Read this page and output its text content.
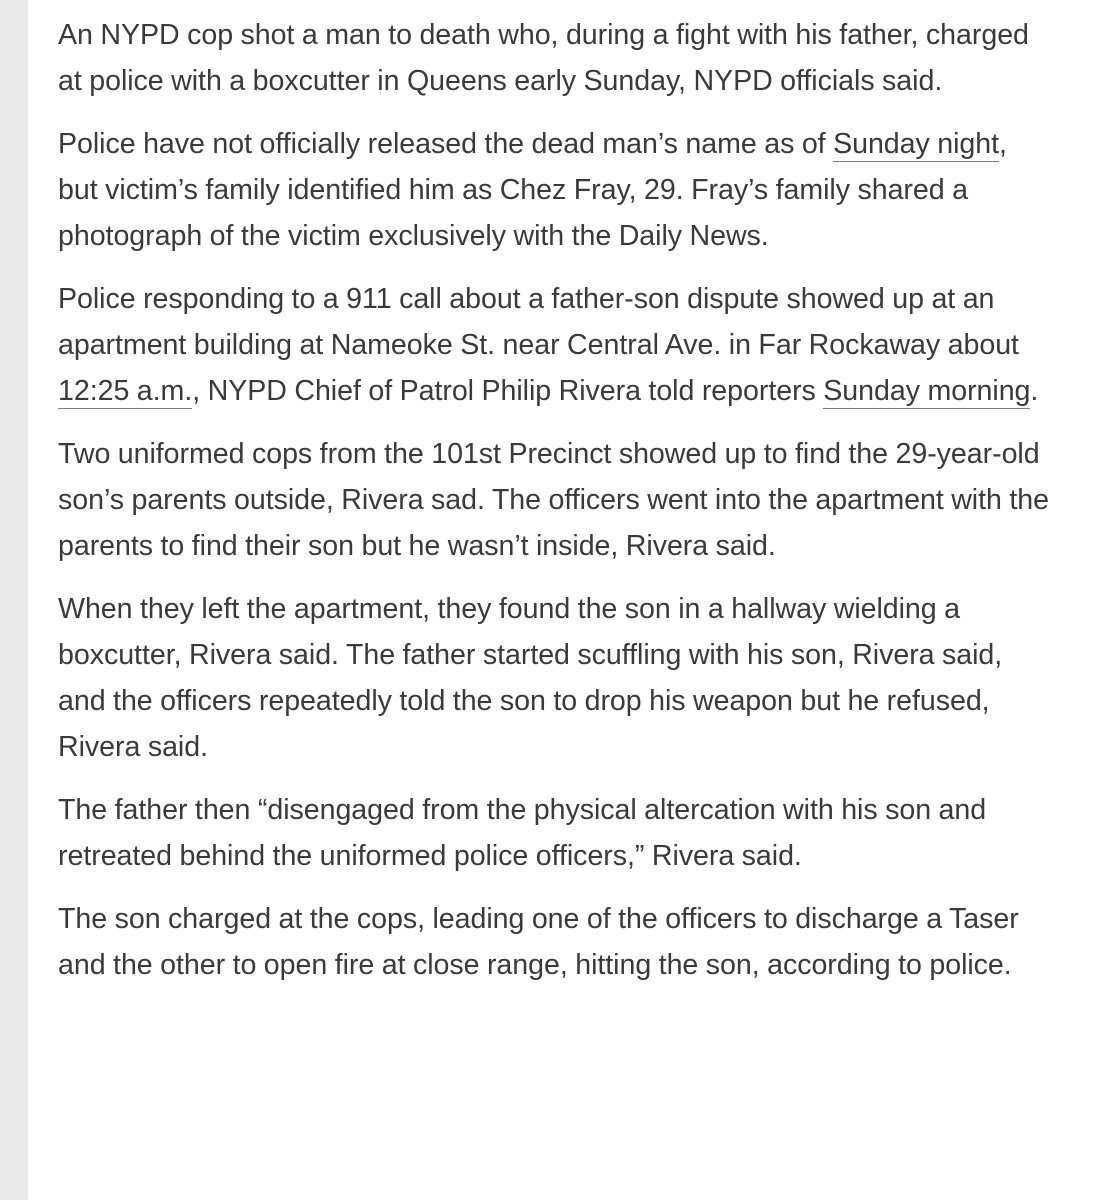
An NYPD cop shot a man to death who, during a fight with his father, charged at police with a boxcutter in Queens early Sunday, NYPD officials said.

Police have not officially released the dead man’s name as of Sunday night, but victim’s family identified him as Chez Fray, 29. Fray’s family shared a photograph of the victim exclusively with the Daily News.

Police responding to a 911 call about a father-son dispute showed up at an apartment building at Nameoke St. near Central Ave. in Far Rockaway about 12:25 a.m., NYPD Chief of Patrol Philip Rivera told reporters Sunday morning.

Two uniformed cops from the 101st Precinct showed up to find the 29-year-old son’s parents outside, Rivera sad. The officers went into the apartment with the parents to find their son but he wasn’t inside, Rivera said.

When they left the apartment, they found the son in a hallway wielding a boxcutter, Rivera said. The father started scuffling with his son, Rivera said, and the officers repeatedly told the son to drop his weapon but he refused, Rivera said.

The father then “disengaged from the physical altercation with his son and retreated behind the uniformed police officers,” Rivera said.

The son charged at the cops, leading one of the officers to discharge a Taser and the other to open fire at close range, hitting the son, according to police.
